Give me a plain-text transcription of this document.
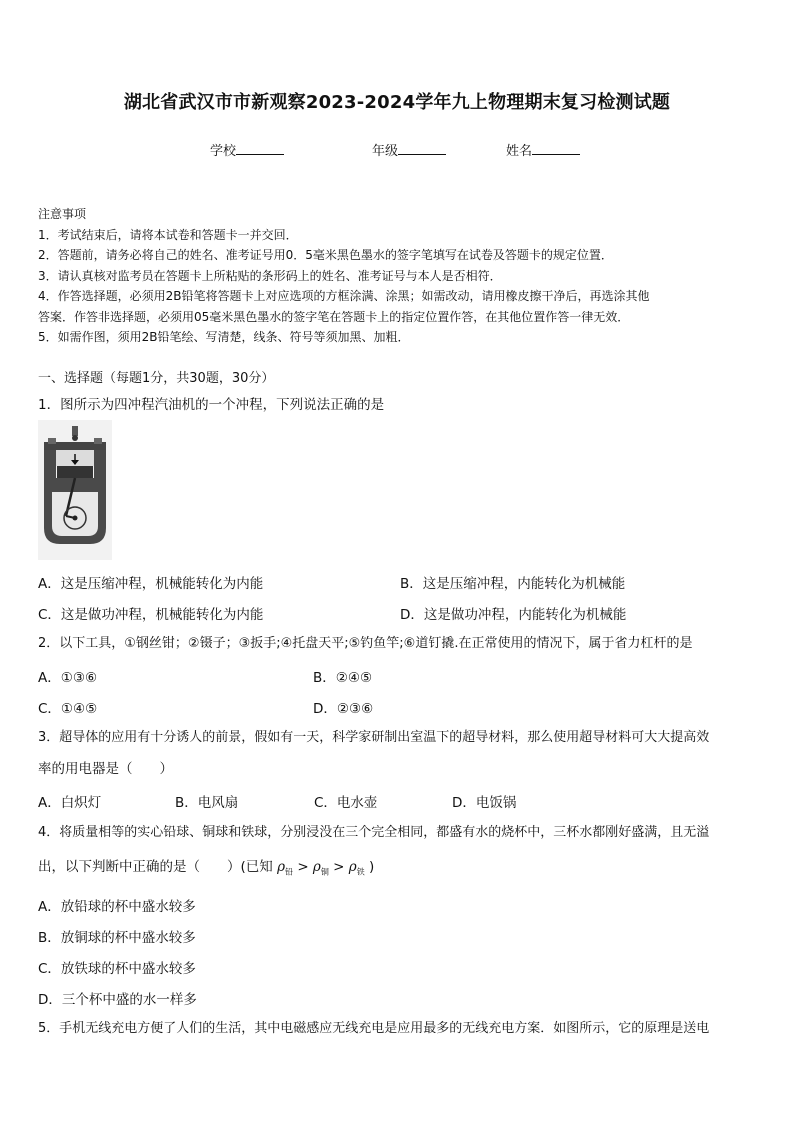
湖北省武汉市市新观察2023-2024学年九上物理期末复习检测试题
学校	年级	姓名

注意事项

1．考试结束后，请将本试卷和答题卡一并交回．

2．答题前，请务必将自己的姓名、准考证号用0．5毫米黑色墨水的签字笔填写在试卷及答题卡的规定位置．

3．请认真核对监考员在答题卡上所粘贴的条形码上的姓名、准考证号与本人是否相符．

4．作答选择题，必须用2B铅笔将答题卡上对应选项的方框涂满、涂黑；如需改动，请用橡皮擦干净后，再选涂其他

答案．作答非选择题，必须用05毫米黑色墨水的签字笔在答题卡上的指定位置作答，在其他位置作答一律无效．

5．如需作图，须用2B铅笔绘、写清楚，线条、符号等须加黑、加粗．

一、选择题（每题1分，共30题，30分）
1．图所示为四冲程汽油机的一个冲程，下列说法正确的是
A．这是压缩冲程，机械能转化为内能	B．这是压缩冲程，内能转化为机械能
C．这是做功冲程，机械能转化为内能	D．这是做功冲程，内能转化为机械能
2．以下工具，①钢丝钳；②镊子；③扳手;④托盘天平;⑤钓鱼竿;⑥道钉撬.在正常使用的情况下，属于省力杠杆的是
A．①③⑥	B．②④⑤
C．①④⑤	D．②③⑥
3．超导体的应用有十分诱人的前景，假如有一天，科学家研制出室温下的超导材料，那么使用超导材料可大大提高效
率的用电器是（　　）
A．白炽灯	B．电风扇	C．电水壶	D．电饭锅
4．将质量相等的实心铅球、铜球和铁球，分别浸没在三个完全相同，都盛有水的烧杯中，三杯水都刚好盛满，且无溢
出，以下判断中正确的是（　　）(已知 $\rho_铅 > \rho_铜 > \rho_铁$ )
A．放铅球的杯中盛水较多
B．放铜球的杯中盛水较多
C．放铁球的杯中盛水较多
D．三个杯中盛的水一样多
5．手机无线充电方便了人们的生活，其中电磁感应无线充电是应用最多的无线充电方案．如图所示，它的原理是送电
